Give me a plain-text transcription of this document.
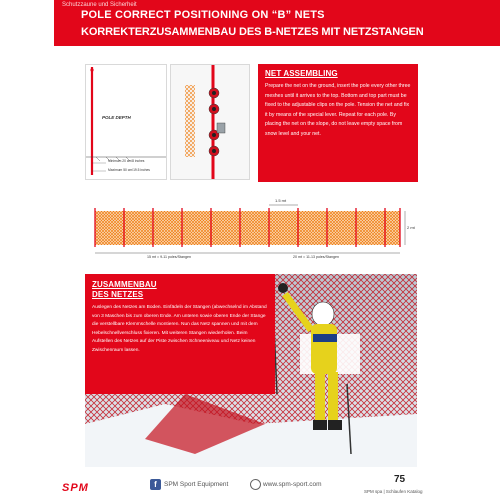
Schutzzaune und Sicherheit
POLE CORRECT POSITIONING ON “B” NETS
KORREKTERZUSAMMENBAU DES B-NETZES MIT NETZSTANGEN
POLE DEPTH
Minimum 20 cm/8 inches
Maximum 50 cm/19.5 inches
NET ASSEMBLING
Prepare the net on the ground, insert the pole every other three meshes until it arrives to the top. Bottom and top part must be fixed to the adjustable clips on the pole. Tension the net and fix it by means of the special lever. Repeat for each pole. By placing the net on the slope, do not leave empty space from snow level and your net.
1.5 mt
2 mt
15 mt = 9-11 poles/Stangen	20 mt = 11-13 poles/Stangen
ZUSAMMENBAU
DES NETZES
Auslegen des Netzes am Boden. Einfädeln der Stangen (abwechselnd im Abstand von 3 Maschen bis zum oberen Ende. Am unteren sowie oberen Ende der Stange die verstellbare Klemmschelle montieren. Nun das Netz spannen und mit dem Hebelschnellverschluss fixieren. Mit weiteren Stangen wiederholen. Beim Aufstellen des Netzes auf der Piste zwischen Schneeniveau und Netz keinen Zwischenraum lassen.
SPM	f	SPM Sport Equipment	www.spm-sport.com	75
SPM spa | Schlaufen Katalog
